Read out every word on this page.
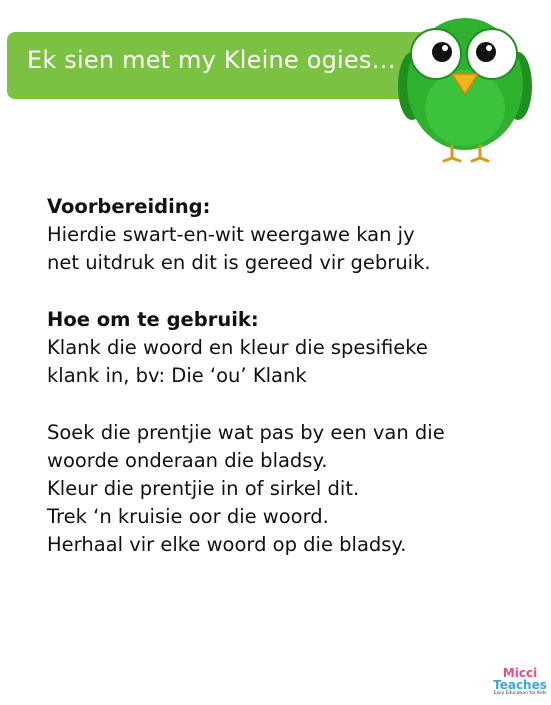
Ek sien met my Kleine ogies…

Voorbereiding:

Hierdie swart-en-wit weergawe kan jy

net uitdruk en dit is gereed vir gebruik.

Hoe om te gebruik:

Klank die woord en kleur die spesifieke

klank in, bv: Die ‘ou’ Klank

Soek die prentjie wat pas by een van die

woorde onderaan die bladsy.

Kleur die prentjie in of sirkel dit.

Trek ‘n kruisie oor die woord.

Herhaal vir elke woord op die bladsy.

Micci
Teaches
Easy Education for Kids
